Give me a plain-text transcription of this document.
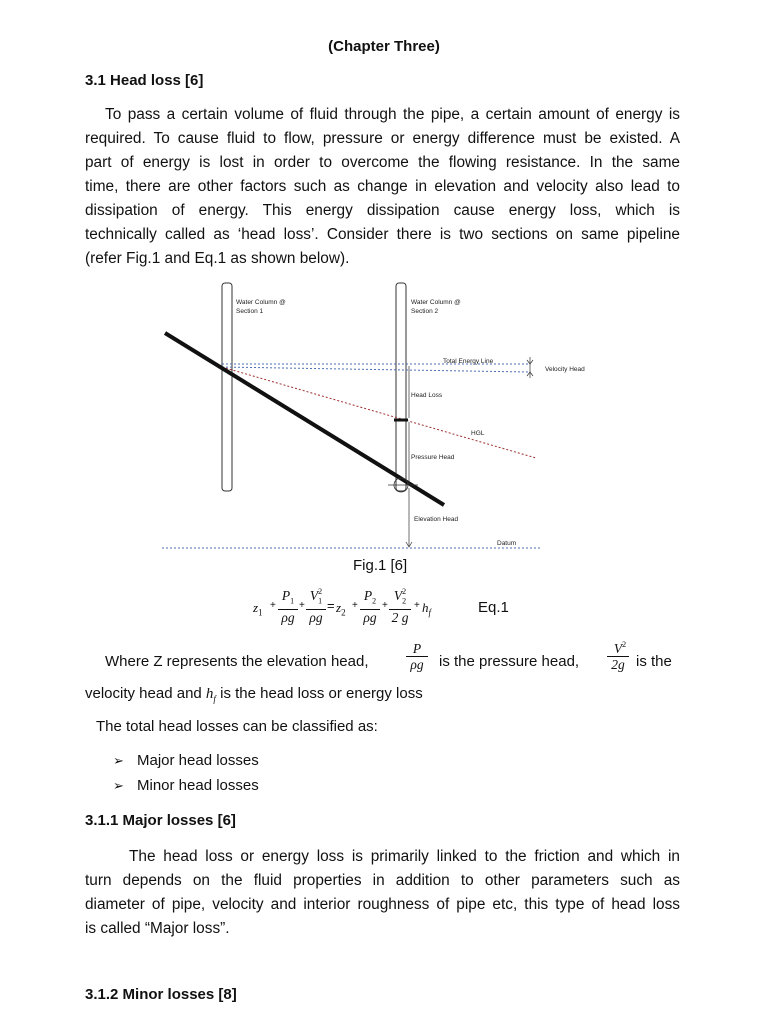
(Chapter Three)
3.1 Head loss [6]
To pass a certain volume of fluid through the pipe, a certain amount of energy is
required. To cause fluid to flow, pressure or energy difference must be existed. A
part of energy is lost in order to overcome the flowing resistance. In the same
time, there are other factors such as change in elevation and velocity also lead to
dissipation of energy. This energy dissipation cause energy loss, which is
technically called as ‘head loss’. Consider there is two sections on same pipeline
(refer Fig.1 and Eq.1 as shown below).
Water Column @
Section 1
Water Column @
Section 2
Total Energy Line
Velocity Head
Head Loss
HGL
Pressure Head
Elevation Head
Datum
Fig.1 [6]
$z_1$
+ $\frac{P_1}{\rho g} + V$ 2
$_1$
$\rho g = z_2$
+ $\frac{P_2}{\rho g} + V$ 2
$_2$
2 $g + h_f$	Eq.1
Where Z represents the elevation head,	$\frac{P}{\rho g}$ is the pressure head, $\frac{V 2}{2g}$ is the
velocity head and $h_f$ is the head loss or energy loss
The total head losses can be classified as:
➢ Major head losses
➢ Minor head losses
3.1.1 Major losses [6]
The head loss or energy loss is primarily linked to the friction and which in
turn depends on the fluid properties in addition to other parameters such as
diameter of pipe, velocity and interior roughness of pipe etc, this type of head loss
is called “Major loss”.
3.1.2 Minor losses [8]
